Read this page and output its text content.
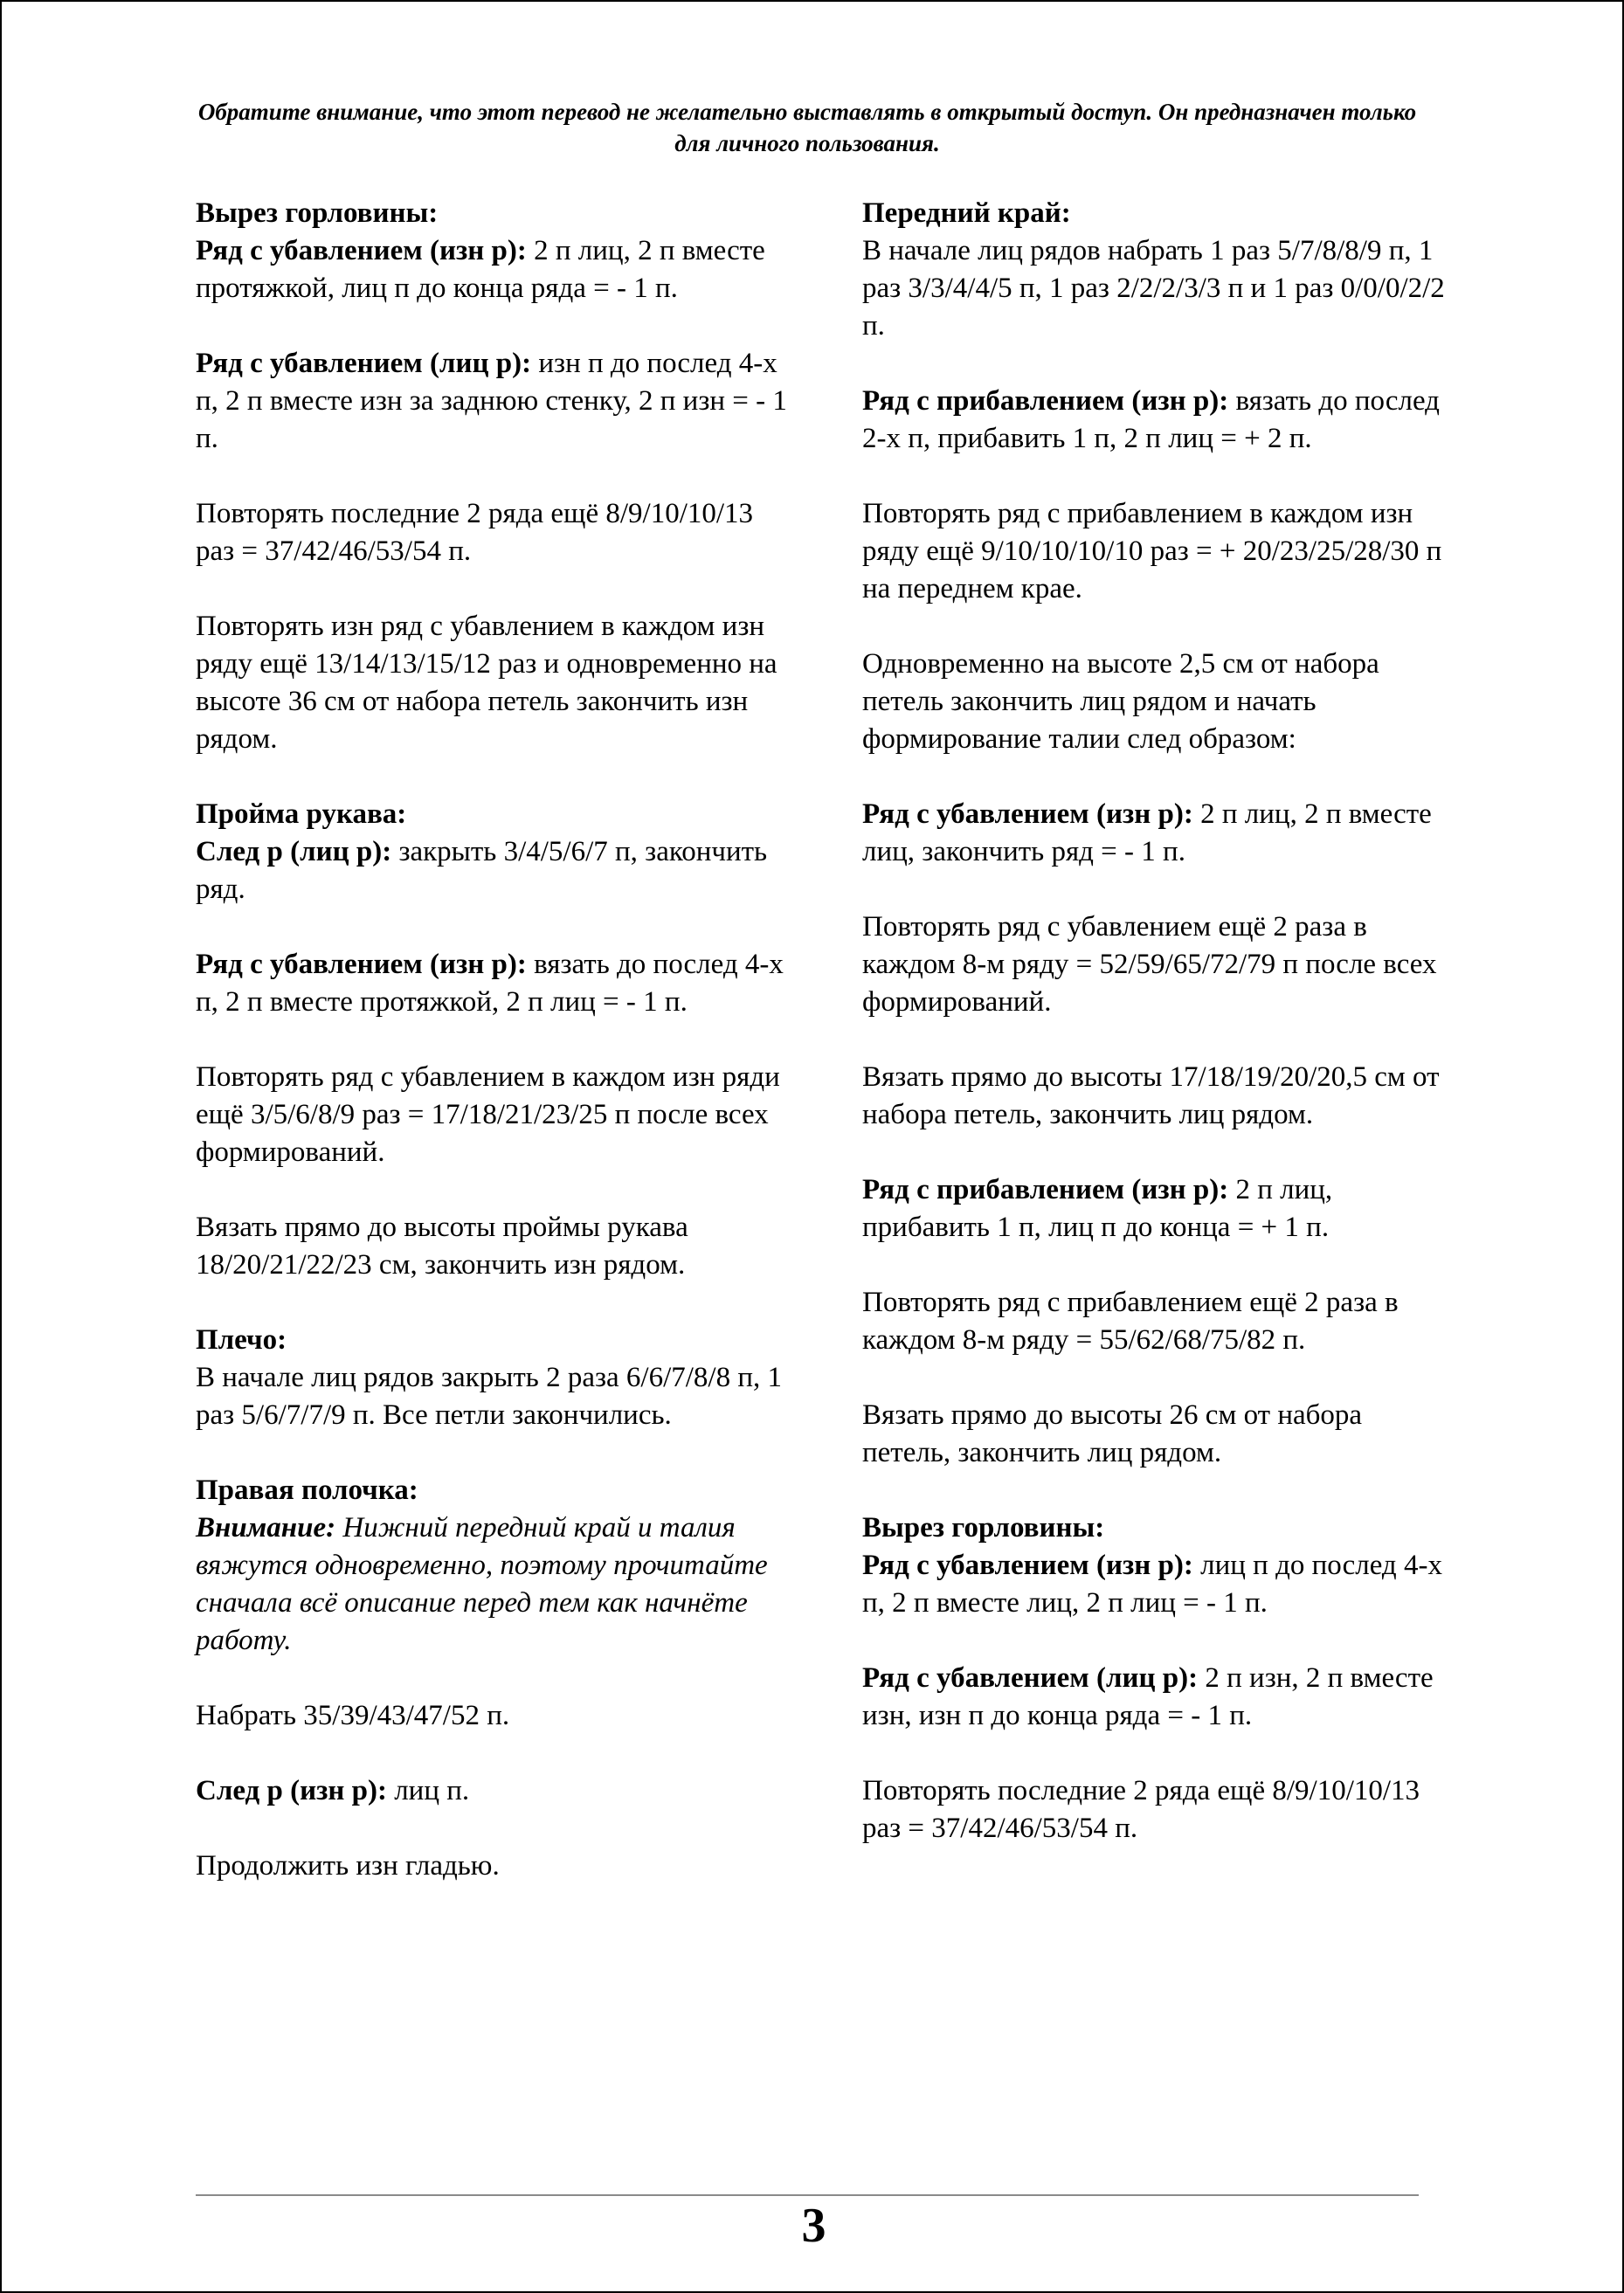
Обратите внимание, что этот перевод не желательно выставлять в открытый доступ. Он предназначен только для личного пользования.

Вырез горловины:
Ряд с убавлением (изн р): 2 п лиц, 2 п вместе протяжкой, лиц п до конца ряда = - 1 п.

Ряд с убавлением (лиц р): изн п до послед 4-х п, 2 п вместе изн за заднюю стенку, 2 п изн = - 1 п.

Повторять последние 2 ряда ещё 8/9/10/10/13 раз = 37/42/46/53/54 п.

Повторять изн ряд с убавлением в каждом изн ряду ещё 13/14/13/15/12 раз и одновременно на высоте 36 см от набора петель закончить изн рядом.

Пройма рукава:
След р (лиц р): закрыть 3/4/5/6/7 п, закончить ряд.

Ряд с убавлением (изн р): вязать до послед 4-х п, 2 п вместе протяжкой, 2 п лиц = - 1 п.

Повторять ряд с убавлением в каждом изн ряди ещё 3/5/6/8/9 раз = 17/18/21/23/25 п после всех формирований.

Вязать прямо до высоты проймы рукава 18/20/21/22/23 см, закончить изн рядом.

Плечо:
В начале лиц рядов закрыть 2 раза 6/6/7/8/8 п, 1 раз 5/6/7/7/9 п. Все петли закончились.

Правая полочка:
Внимание: Нижний передний край и талия вяжутся одновременно, поэтому прочитайте сначала всё описание перед тем как начнёте работу.

Набрать 35/39/43/47/52 п.

След р (изн р): лиц п.

Продолжить изн гладью.

Передний край:
В начале лиц рядов набрать 1 раз 5/7/8/8/9 п, 1 раз 3/3/4/4/5 п, 1 раз 2/2/2/3/3 п и 1 раз 0/0/0/2/2 п.

Ряд с прибавлением (изн р): вязать до послед 2-х п, прибавить 1 п, 2 п лиц = + 2 п.

Повторять ряд с прибавлением в каждом изн ряду ещё 9/10/10/10/10 раз = + 20/23/25/28/30 п на переднем крае.

Одновременно на высоте 2,5 см от набора петель закончить лиц рядом и начать формирование талии след образом:

Ряд с убавлением (изн р): 2 п лиц, 2 п вместе лиц, закончить ряд = - 1 п.

Повторять ряд с убавлением ещё 2 раза в каждом 8-м ряду = 52/59/65/72/79 п после всех формирований.

Вязать прямо до высоты 17/18/19/20/20,5 см от набора петель, закончить лиц рядом.

Ряд с прибавлением (изн р): 2 п лиц, прибавить 1 п, лиц п до конца = + 1 п.

Повторять ряд с прибавлением ещё 2 раза в каждом 8-м ряду = 55/62/68/75/82 п.

Вязать прямо до высоты 26 см от набора петель, закончить лиц рядом.

Вырез горловины:
Ряд с убавлением (изн р): лиц п до послед 4-х п, 2 п вместе лиц, 2 п лиц = - 1 п.

Ряд с убавлением (лиц р): 2 п изн, 2 п вместе изн, изн п до конца ряда = - 1 п.

Повторять последние 2 ряда ещё 8/9/10/10/13 раз = 37/42/46/53/54 п.

3
